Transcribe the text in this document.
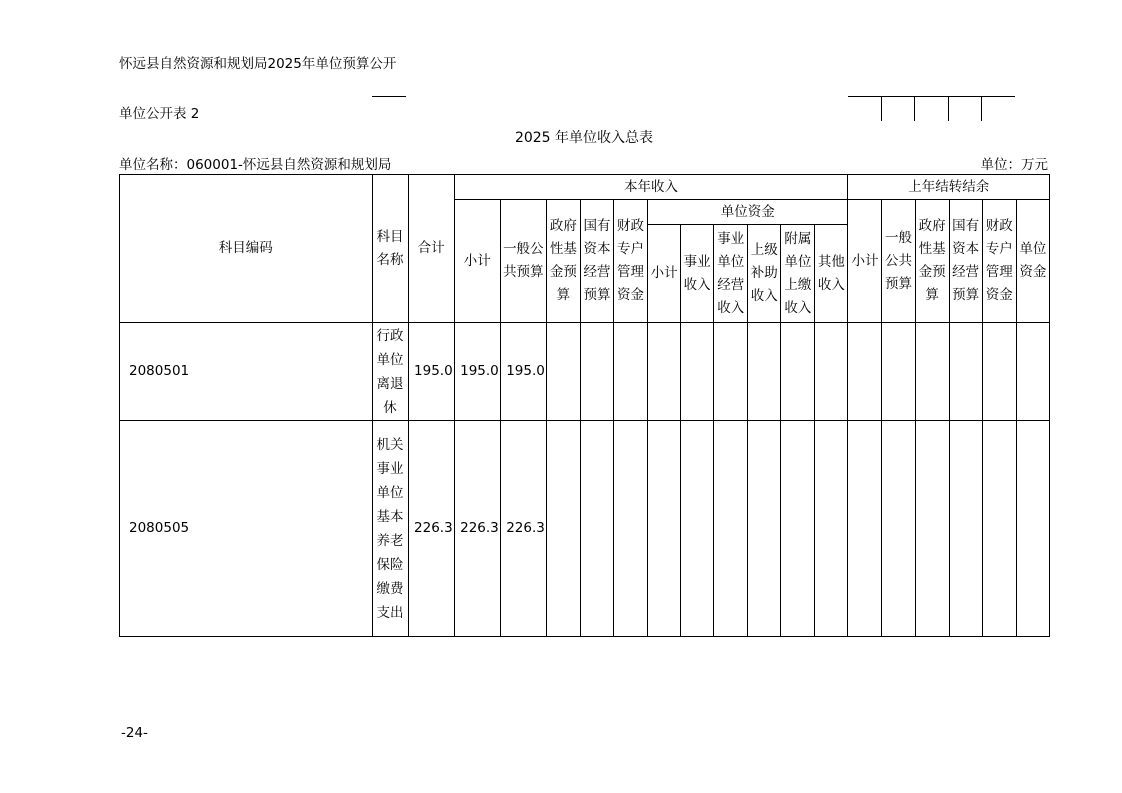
怀远县自然资源和规划局2025年单位预算公开
单位公开表 2
2025 年单位收入总表
单位名称：060001-怀远县自然资源和规划局	单位：万元
科目编码	科目名称	合计	本年收入											上年结转结余					
			小计	一般公共预算	政府性基金预算	国有资本经营预算	财政专户管理资金	单位资金						小计	一般公共预算	政府性基金预算	国有资本经营预算	财政专户管理资金	单位资金
								小计	事业收入	事业单位经营收入	上级补助收入	附属单位上缴收入	其他收入						
2080501	行政单位离退休	195.0	195.0	195.0															
2080505	机关事业单位基本养老保险缴费支出	226.3	226.3	226.3															
-24-
